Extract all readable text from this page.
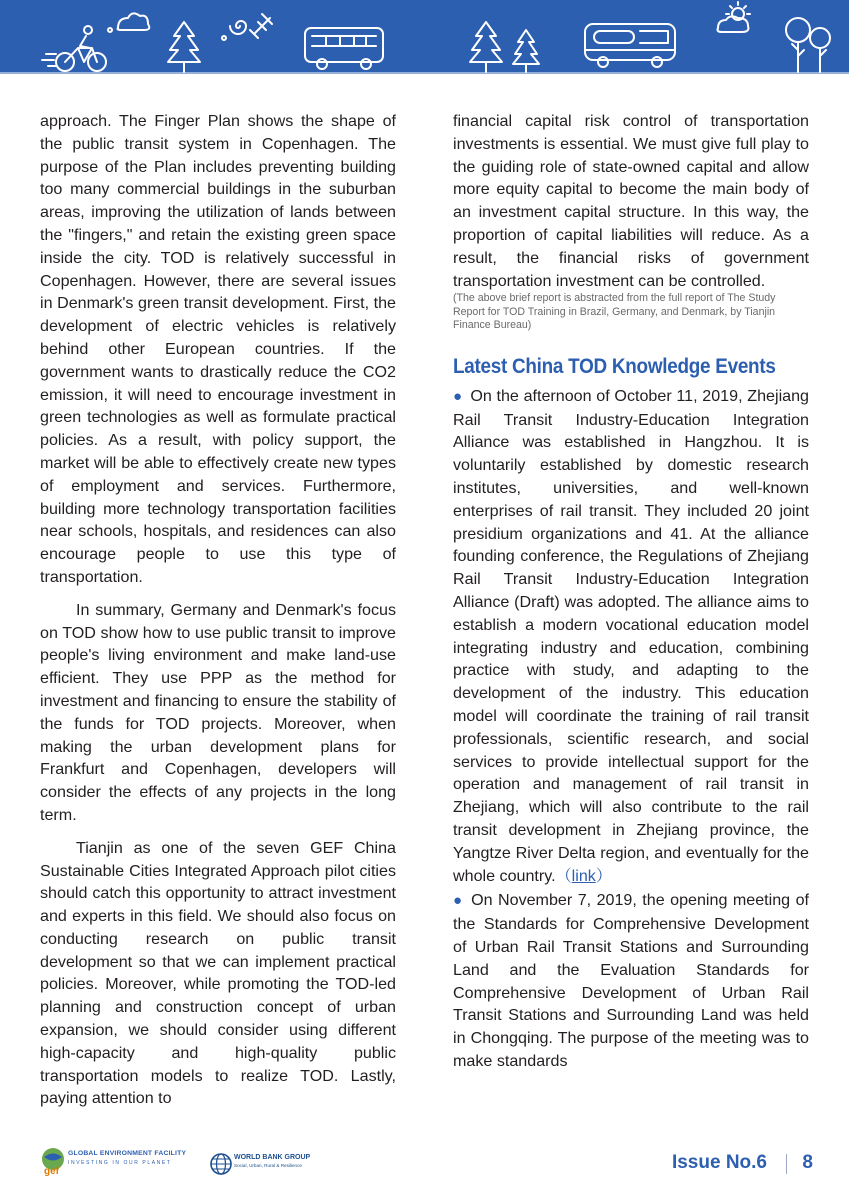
approach. The Finger Plan shows the shape of the public transit system in Copenhagen. The purpose of the Plan includes preventing building too many commercial buildings in the suburban areas, improving the utilization of lands between the "fingers," and retain the existing green space inside the city. TOD is relatively successful in Copenhagen. However, there are several issues in Denmark's green transit development. First, the development of electric vehicles is relatively behind other European countries. If the government wants to drastically reduce the CO2 emission, it will need to encourage investment in green technologies as well as formulate practical policies. As a result, with policy support, the market will be able to effectively create new types of employment and services. Furthermore, building more technology transportation facilities near schools, hospitals, and residences can also encourage people to use this type of transportation.

In summary, Germany and Denmark's focus on TOD show how to use public transit to improve people's living environment and make land-use efficient. They use PPP as the method for investment and financing to ensure the stability of the funds for TOD projects. Moreover, when making the urban development plans for Frankfurt and Copenhagen, developers will consider the effects of any projects in the long term.

Tianjin as one of the seven GEF China Sustainable Cities Integrated Approach pilot cities should catch this opportunity to attract investment and experts in this field. We should also focus on conducting research on public transit development so that we can implement practical policies. Moreover, while promoting the TOD-led planning and construction concept of urban expansion, we should consider using different high-capacity and high-quality public transportation models to realize TOD. Lastly, paying attention to

financial capital risk control of transportation investments is essential. We must give full play to the guiding role of state-owned capital and allow more equity capital to become the main body of an investment capital structure. In this way, the proportion of capital liabilities will reduce. As a result, the financial risks of government transportation investment can be controlled.

(The above brief report is abstracted from the full report of The Study Report for TOD Training in Brazil, Germany, and Denmark, by Tianjin Finance Bureau)

Latest China TOD Knowledge Events

● On the afternoon of October 11, 2019, Zhejiang Rail Transit Industry-Education Integration Alliance was established in Hangzhou. It is voluntarily established by domestic research institutes, universities, and well-known enterprises of rail transit. They included 20 joint presidium organizations and 41. At the alliance founding conference, the Regulations of Zhejiang Rail Transit Industry-Education Integration Alliance (Draft) was adopted. The alliance aims to establish a modern vocational education model integrating industry and education, combining practice with study, and adapting to the development of the industry. This education model will coordinate the training of rail transit professionals, scientific research, and social services to provide intellectual support for the operation and management of rail transit in Zhejiang, which will also contribute to the rail transit development in Zhejiang province, the Yangtze River Delta region, and eventually for the whole country.（link）

● On November 7, 2019, the opening meeting of the Standards for Comprehensive Development of Urban Rail Transit Stations and Surrounding Land and the Evaluation Standards for Comprehensive Development of Urban Rail Transit Stations and Surrounding Land was held in Chongqing. The purpose of the meeting was to make standards

gef
GLOBAL ENVIRONMENT FACILITY
INVESTING IN OUR PLANET
WORLD BANK GROUP
Social, Urban, Rural & Resilience	Issue No.6 8
